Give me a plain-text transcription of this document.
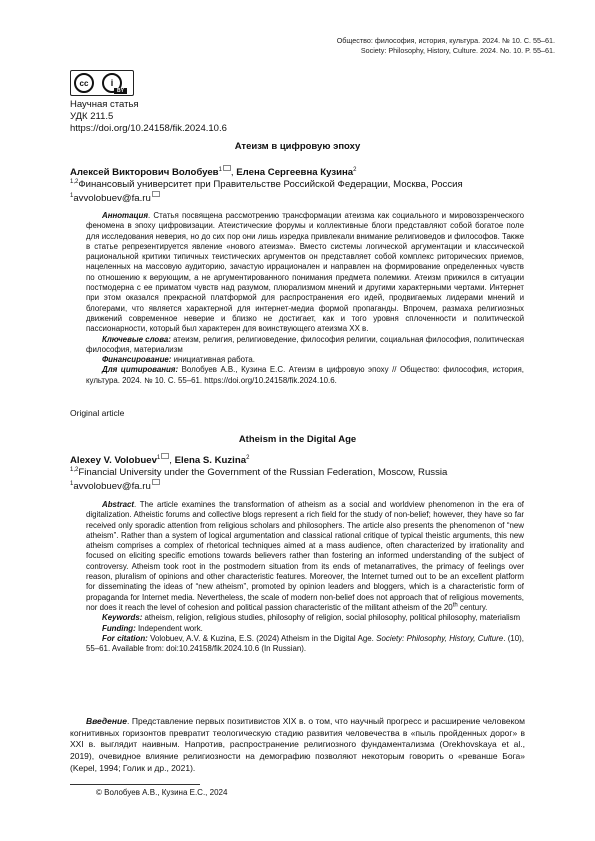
Общество: философия, история, культура. 2024. № 10. С. 55–61.
Society: Philosophy, History, Culture. 2024. No. 10. P. 55–61.
cc	i
BY
Научная статья
УДК 211.5
https://doi.org/10.24158/fik.2024.10.6
Атеизм в цифровую эпоху
Алексей Викторович Волобуев$^1$ , Елена Сергеевна Кузина$^2$
$^{1,2}$Финансовый университет при Правительстве Российской Федерации, Москва, Россия
$^1$avvolobuev@fa.ru

Аннотация. Статья посвящена рассмотрению трансформации атеизма как социального и мировоззренческого феномена в эпоху цифровизации. Атеистические форумы и коллективные блоги представляют собой богатое поле для исследования неверия, но до сих пор они лишь изредка привлекали внимание религиоведов и философов. Также в статье репрезентируется явление «нового атеизма». Вместо системы логической аргументации и классической рациональной критики типичных теистических аргументов он представляет собой комплекс риторических приемов, нацеленных на массовую аудиторию, зачастую иррационален и направлен на формирование определенных чувств по отношению к верующим, а не аргументированного понимания предмета полемики. Атеизм прижился в ситуации постмодерна с ее приматом чувств над разумом, плюрализмом мнений и другими характерными чертами. Интернет при этом оказался прекрасной платформой для распространения его идей, продвигаемых лидерами мнений и блогерами, что является характерной для интернет-медиа формой пропаганды. Впрочем, размаха религиозных движений современное неверие и близко не достигает, как и того уровня сплоченности и политической пассионарности, который был характерен для воинствующего атеизма XX в.

Ключевые слова: атеизм, религия, религиоведение, философия религии, социальная философия, политическая философия, материализм

Финансирование: инициативная работа.

Для цитирования: Волобуев А.В., Кузина Е.С. Атеизм в цифровую эпоху // Общество: философия, история, культура. 2024. № 10. С. 55–61. https://doi.org/10.24158/fik.2024.10.6.

Original article
Atheism in the Digital Age
Alexey V. Volobuev$^1$ , Elena S. Kuzina$^2$
$^{1,2}$Financial University under the Government of the Russian Federation, Moscow, Russia
$^1$avvolobuev@fa.ru

Abstract. The article examines the transformation of atheism as a social and worldview phenomenon in the era of digitalization. Atheistic forums and collective blogs represent a rich field for the study of non-belief; however, they have so far received only sporadic attention from religious scholars and philosophers. The article also presents the phenomenon of “new atheism”. Rather than a system of logical argumentation and classical rational critique of typical theistic arguments, this new atheism comprises a complex of rhetorical techniques aimed at a mass audience, often characterized by irrationality and focused on eliciting specific emotions towards believers rather than fostering an informed understanding of the subject of controversy. Atheism took root in the postmodern situation from its ends of metanarratives, the primacy of feelings over reason, pluralism of opinions and other characteristic features. Moreover, the Internet turned out to be an excellent platform for disseminating the ideas of “new atheism”, promoted by opinion leaders and bloggers, which is a characteristic form of propaganda for Internet media. Nevertheless, the scale of modern non-belief does not approach that of religious movements, nor does it reach the level of cohesion and political passion characteristic of the militant atheism of the 20th century.

Keywords: atheism, religion, religious studies, philosophy of religion, social philosophy, political philosophy, materialism

Funding: Independent work.

For citation: Volobuev, A.V. & Kuzina, E.S. (2024) Atheism in the Digital Age. Society: Philosophy, History, Culture. (10), 55–61. Available from: doi:10.24158/fik.2024.10.6 (In Russian).

Введение. Представление первых позитивистов XIX в. о том, что научный прогресс и расширение человеком когнитивных горизонтов превратит теологическую стадию развития человечества в «пыль пройденных дорог» в XXI в. выглядит наивным. Напротив, распространение религиозного фундаментализма (Orekhovskaya et al., 2019), очевидное влияние религиозности на демографию позволяют некоторым говорить о «реванше Бога» (Kepel, 1994; Голик и др., 2021).
© Волобуев А.В., Кузина Е.С., 2024
